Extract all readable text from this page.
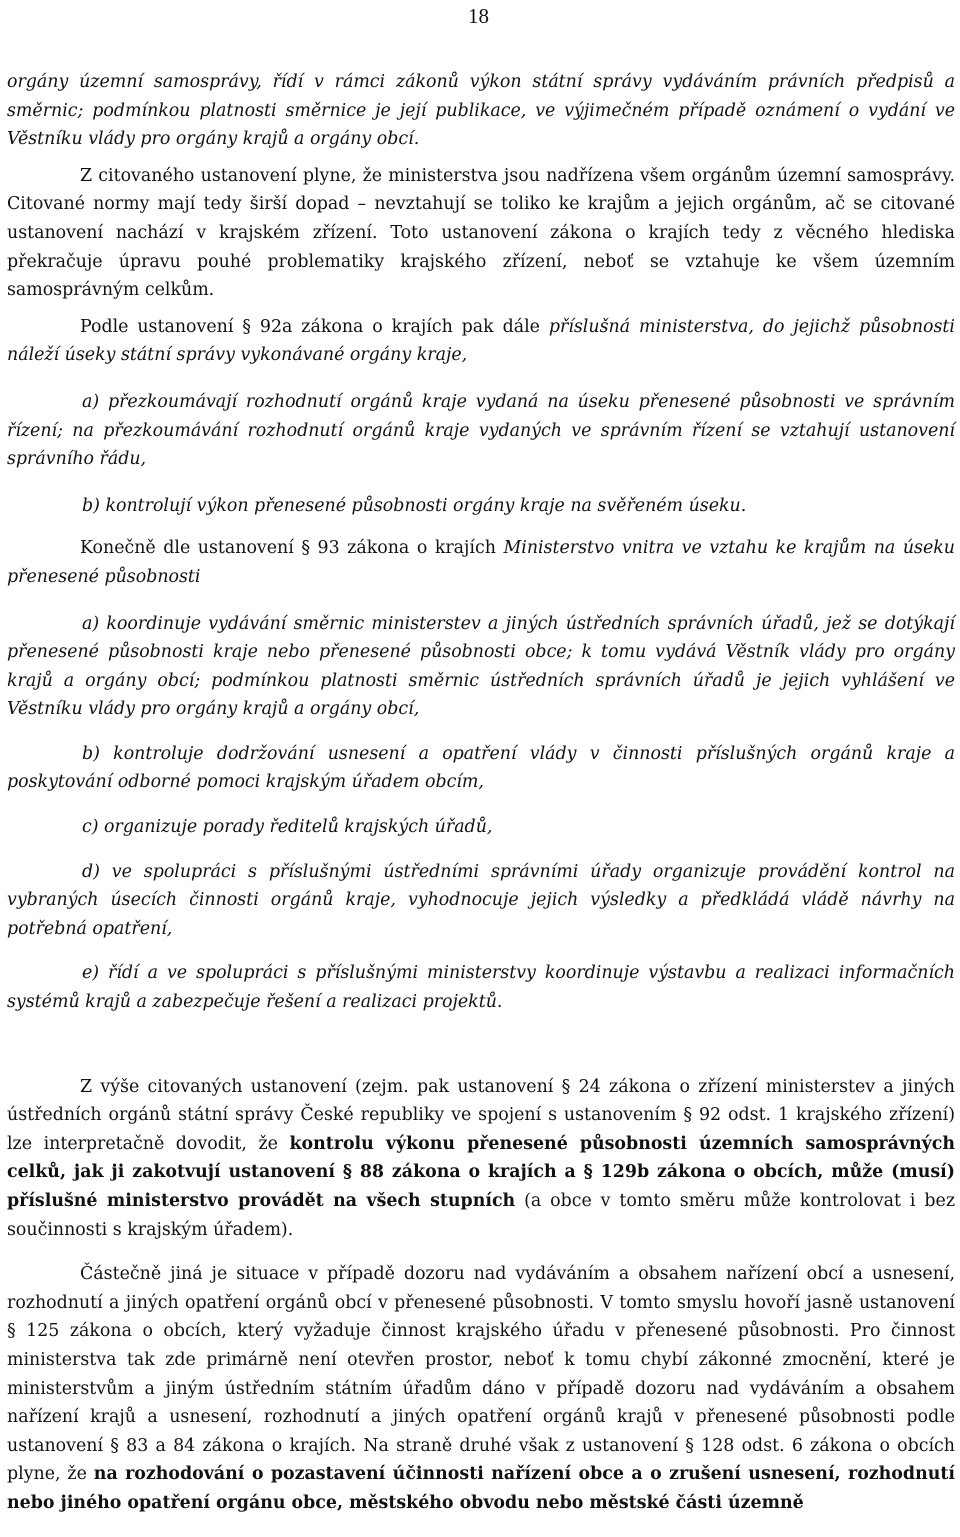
18

orgány územní samosprávy, řídí v rámci zákonů výkon státní správy vydáváním právních předpisů a směrnic; podmínkou platnosti směrnice je její publikace, ve výjimečném případě oznámení o vydání ve Věstníku vlády pro orgány krajů a orgány obcí.

Z citovaného ustanovení plyne, že ministerstva jsou nadřízena všem orgánům územní samosprávy. Citované normy mají tedy širší dopad – nevztahují se toliko ke krajům a jejich orgánům, ač se citované ustanovení nachází v krajském zřízení. Toto ustanovení zákona o krajích tedy z věcného hlediska překračuje úpravu pouhé problematiky krajského zřízení, neboť se vztahuje ke všem územním samosprávným celkům.

Podle ustanovení § 92a zákona o krajích pak dále příslušná ministerstva, do jejichž působnosti náleží úseky státní správy vykonávané orgány kraje,

a) přezkoumávají rozhodnutí orgánů kraje vydaná na úseku přenesené působnosti ve správním řízení; na přezkoumávání rozhodnutí orgánů kraje vydaných ve správním řízení se vztahují ustanovení správního řádu,

b) kontrolují výkon přenesené působnosti orgány kraje na svěřeném úseku.

Konečně dle ustanovení § 93 zákona o krajích Ministerstvo vnitra ve vztahu ke krajům na úseku přenesené působnosti

a) koordinuje vydávání směrnic ministerstev a jiných ústředních správních úřadů, jež se dotýkají přenesené působnosti kraje nebo přenesené působnosti obce; k tomu vydává Věstník vlády pro orgány krajů a orgány obcí; podmínkou platnosti směrnic ústředních správních úřadů je jejich vyhlášení ve Věstníku vlády pro orgány krajů a orgány obcí,

b) kontroluje dodržování usnesení a opatření vlády v činnosti příslušných orgánů kraje a poskytování odborné pomoci krajským úřadem obcím,

c) organizuje porady ředitelů krajských úřadů,

d) ve spolupráci s příslušnými ústředními správními úřady organizuje provádění kontrol na vybraných úsecích činnosti orgánů kraje, vyhodnocuje jejich výsledky a předkládá vládě návrhy na potřebná opatření,

e) řídí a ve spolupráci s příslušnými ministerstvy koordinuje výstavbu a realizaci informačních systémů krajů a zabezpečuje řešení a realizaci projektů.

Z výše citovaných ustanovení (zejm. pak ustanovení § 24 zákona o zřízení ministerstev a jiných ústředních orgánů státní správy České republiky ve spojení s ustanovením § 92 odst. 1 krajského zřízení) lze interpretačně dovodit, že kontrolu výkonu přenesené působnosti územních samosprávných celků, jak ji zakotvují ustanovení § 88 zákona o krajích a § 129b zákona o obcích, může (musí) příslušné ministerstvo provádět na všech stupních (a obce v tomto směru může kontrolovat i bez součinnosti s krajským úřadem).

Částečně jiná je situace v případě dozoru nad vydáváním a obsahem nařízení obcí a usnesení, rozhodnutí a jiných opatření orgánů obcí v přenesené působnosti. V tomto smyslu hovoří jasně ustanovení § 125 zákona o obcích, který vyžaduje činnost krajského úřadu v přenesené působnosti. Pro činnost ministerstva tak zde primárně není otevřen prostor, neboť k tomu chybí zákonné zmocnění, které je ministerstvům a jiným ústředním státním úřadům dáno v případě dozoru nad vydáváním a obsahem nařízení krajů a usnesení, rozhodnutí a jiných opatření orgánů krajů v přenesené působnosti podle ustanovení § 83 a 84 zákona o krajích. Na straně druhé však z ustanovení § 128 odst. 6 zákona o obcích plyne, že na rozhodování o pozastavení účinnosti nařízení obce a o zrušení usnesení, rozhodnutí nebo jiného opatření orgánu obce, městského obvodu nebo městské části územně
